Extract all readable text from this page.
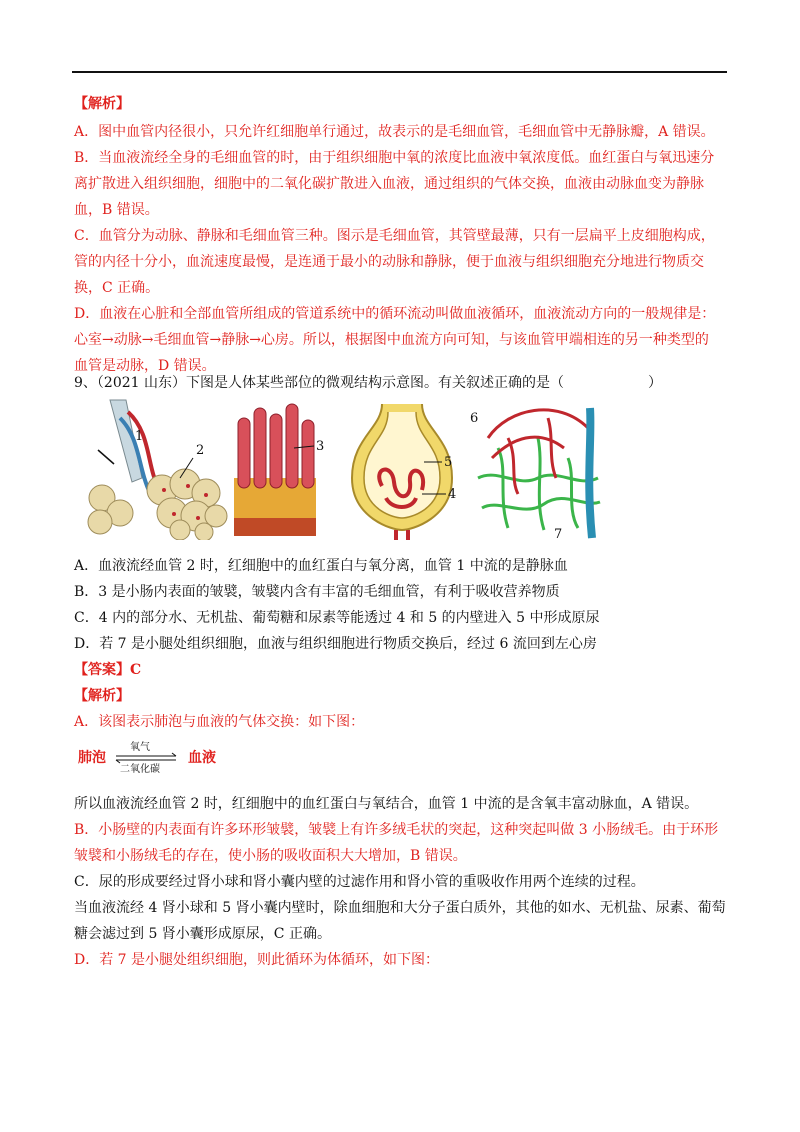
【解析】
A．图中血管内径很小，只允许红细胞单行通过，故表示的是毛细血管，毛细血管中无静脉瓣，A 错误。
B．当血液流经全身的毛细血管的时，由于组织细胞中氧的浓度比血液中氧浓度低。血红蛋白与氧迅速分
离扩散进入组织细胞，细胞中的二氧化碳扩散进入血液，通过组织的气体交换，血液由动脉血变为静脉
血，B 错误。
C．血管分为动脉、静脉和毛细血管三种。图示是毛细血管，其管壁最薄，只有一层扁平上皮细胞构成，
管的内径十分小，血流速度最慢，是连通于最小的动脉和静脉，便于血液与组织细胞充分地进行物质交
换，C 正确。
D．血液在心脏和全部血管所组成的管道系统中的循环流动叫做血液循环，血液流动方向的一般规律是：
心室→动脉→毛细血管→静脉→心房。所以，根据图中血流方向可知，与该血管甲端相连的另一种类型的
血管是动脉，D 错误。
9、（2021 山东）下图是人体某些部位的微观结构示意图。有关叙述正确的是（　　　　　　）
1
2	3
5
4
6
7
A．血液流经血管 2 时，红细胞中的血红蛋白与氧分离，血管 1 中流的是静脉血
B．3 是小肠内表面的皱襞，皱襞内含有丰富的毛细血管，有利于吸收营养物质
C．4 内的部分水、无机盐、葡萄糖和尿素等能透过 4 和 5 的内壁进入 5 中形成原尿
D．若 7 是小腿处组织细胞，血液与组织细胞进行物质交换后，经过 6 流回到左心房
【答案】C
【解析】
A．该图表示肺泡与血液的气体交换：如下图：
肺泡
氧气
二氧化碳
血液
所以血液流经血管 2 时，红细胞中的血红蛋白与氧结合，血管 1 中流的是含氧丰富动脉血，A 错误。
B．小肠壁的内表面有许多环形皱襞，皱襞上有许多绒毛状的突起，这种突起叫做 3 小肠绒毛。由于环形
皱襞和小肠绒毛的存在，使小肠的吸收面积大大增加，B 错误。
C．尿的形成要经过肾小球和肾小囊内壁的过滤作用和肾小管的重吸收作用两个连续的过程。
当血液流经 4 肾小球和 5 肾小囊内壁时，除血细胞和大分子蛋白质外，其他的如水、无机盐、尿素、葡萄
糖会滤过到 5 肾小囊形成原尿，C 正确。
D．若 7 是小腿处组织细胞，则此循环为体循环，如下图：
